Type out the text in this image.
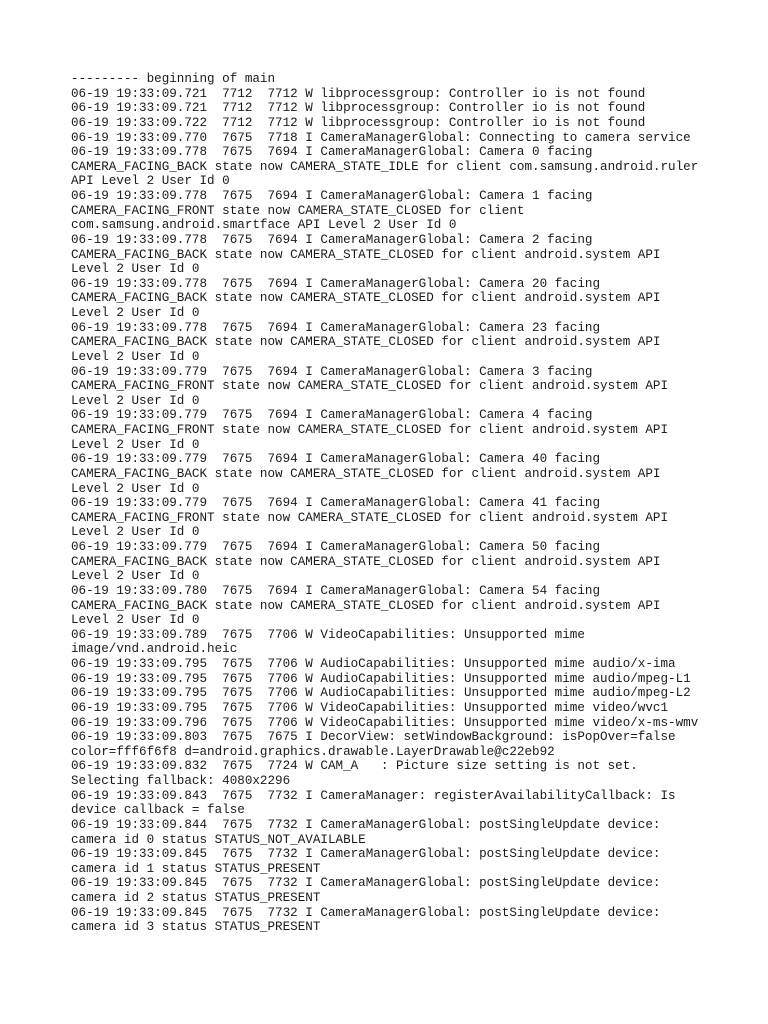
--------- beginning of main
06-19 19:33:09.721  7712  7712 W libprocessgroup: Controller io is not found
06-19 19:33:09.721  7712  7712 W libprocessgroup: Controller io is not found
06-19 19:33:09.722  7712  7712 W libprocessgroup: Controller io is not found
06-19 19:33:09.770  7675  7718 I CameraManagerGlobal: Connecting to camera service
06-19 19:33:09.778  7675  7694 I CameraManagerGlobal: Camera 0 facing
CAMERA_FACING_BACK state now CAMERA_STATE_IDLE for client com.samsung.android.ruler
API Level 2 User Id 0
06-19 19:33:09.778  7675  7694 I CameraManagerGlobal: Camera 1 facing
CAMERA_FACING_FRONT state now CAMERA_STATE_CLOSED for client
com.samsung.android.smartface API Level 2 User Id 0
06-19 19:33:09.778  7675  7694 I CameraManagerGlobal: Camera 2 facing
CAMERA_FACING_BACK state now CAMERA_STATE_CLOSED for client android.system API
Level 2 User Id 0
06-19 19:33:09.778  7675  7694 I CameraManagerGlobal: Camera 20 facing
CAMERA_FACING_BACK state now CAMERA_STATE_CLOSED for client android.system API
Level 2 User Id 0
06-19 19:33:09.778  7675  7694 I CameraManagerGlobal: Camera 23 facing
CAMERA_FACING_BACK state now CAMERA_STATE_CLOSED for client android.system API
Level 2 User Id 0
06-19 19:33:09.779  7675  7694 I CameraManagerGlobal: Camera 3 facing
CAMERA_FACING_FRONT state now CAMERA_STATE_CLOSED for client android.system API
Level 2 User Id 0
06-19 19:33:09.779  7675  7694 I CameraManagerGlobal: Camera 4 facing
CAMERA_FACING_FRONT state now CAMERA_STATE_CLOSED for client android.system API
Level 2 User Id 0
06-19 19:33:09.779  7675  7694 I CameraManagerGlobal: Camera 40 facing
CAMERA_FACING_BACK state now CAMERA_STATE_CLOSED for client android.system API
Level 2 User Id 0
06-19 19:33:09.779  7675  7694 I CameraManagerGlobal: Camera 41 facing
CAMERA_FACING_FRONT state now CAMERA_STATE_CLOSED for client android.system API
Level 2 User Id 0
06-19 19:33:09.779  7675  7694 I CameraManagerGlobal: Camera 50 facing
CAMERA_FACING_BACK state now CAMERA_STATE_CLOSED for client android.system API
Level 2 User Id 0
06-19 19:33:09.780  7675  7694 I CameraManagerGlobal: Camera 54 facing
CAMERA_FACING_BACK state now CAMERA_STATE_CLOSED for client android.system API
Level 2 User Id 0
06-19 19:33:09.789  7675  7706 W VideoCapabilities: Unsupported mime
image/vnd.android.heic
06-19 19:33:09.795  7675  7706 W AudioCapabilities: Unsupported mime audio/x-ima
06-19 19:33:09.795  7675  7706 W AudioCapabilities: Unsupported mime audio/mpeg-L1
06-19 19:33:09.795  7675  7706 W AudioCapabilities: Unsupported mime audio/mpeg-L2
06-19 19:33:09.795  7675  7706 W VideoCapabilities: Unsupported mime video/wvc1
06-19 19:33:09.796  7675  7706 W VideoCapabilities: Unsupported mime video/x-ms-wmv
06-19 19:33:09.803  7675  7675 I DecorView: setWindowBackground: isPopOver=false
color=fff6f6f8 d=android.graphics.drawable.LayerDrawable@c22eb92
06-19 19:33:09.832  7675  7724 W CAM_A   : Picture size setting is not set.
Selecting fallback: 4080x2296
06-19 19:33:09.843  7675  7732 I CameraManager: registerAvailabilityCallback: Is
device callback = false
06-19 19:33:09.844  7675  7732 I CameraManagerGlobal: postSingleUpdate device:
camera id 0 status STATUS_NOT_AVAILABLE
06-19 19:33:09.845  7675  7732 I CameraManagerGlobal: postSingleUpdate device:
camera id 1 status STATUS_PRESENT
06-19 19:33:09.845  7675  7732 I CameraManagerGlobal: postSingleUpdate device:
camera id 2 status STATUS_PRESENT
06-19 19:33:09.845  7675  7732 I CameraManagerGlobal: postSingleUpdate device:
camera id 3 status STATUS_PRESENT
